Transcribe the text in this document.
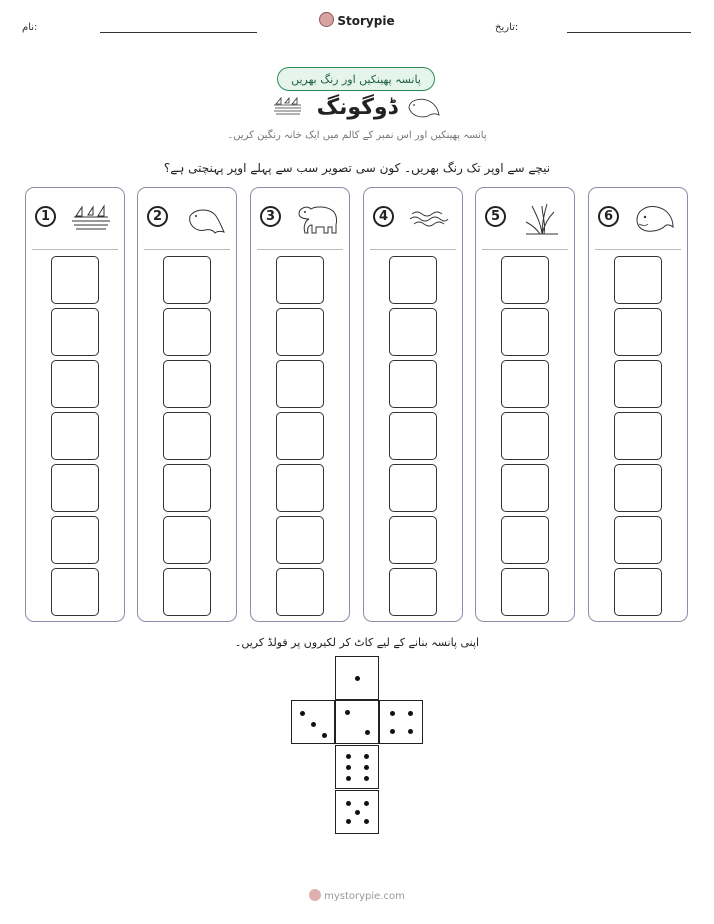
نام:	Storypie	تاریخ:
پانسہ پھینکیں اور رنگ بھریں
ڈوگونگ
پانسہ پھینکیں اور اس نمبر کے کالم میں ایک خانہ رنگین کریں۔
نیچے سے اوپر تک رنگ بھریں۔ کون سی تصویر سب سے پہلے اوپر پہنچتی ہے؟
1	2	3	4	5	6
اپنی پانسہ بنانے کے لیے کاٹ کر لکیروں پر فولڈ کریں۔
mystorypie.com
